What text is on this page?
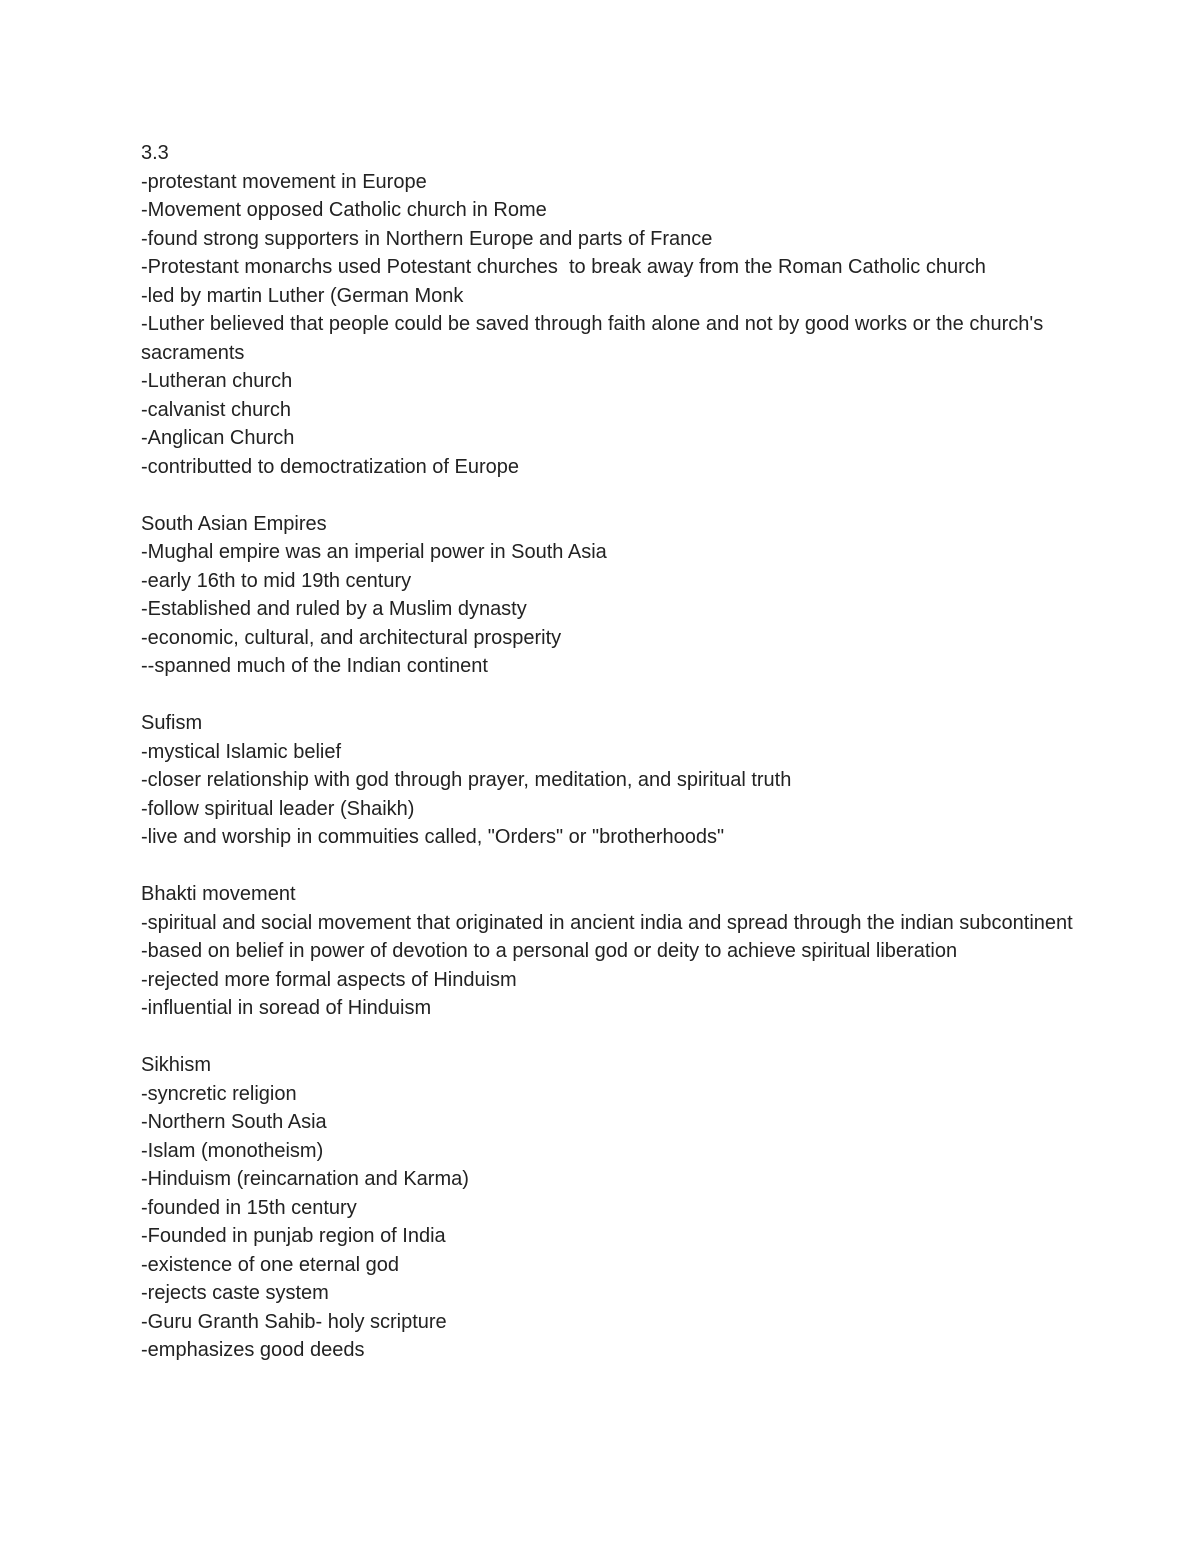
3.3
-protestant movement in Europe
-Movement opposed Catholic church in Rome
-found strong supporters in Northern Europe and parts of France
-Protestant monarchs used Potestant churches  to break away from the Roman Catholic church
-led by martin Luther (German Monk
-Luther believed that people could be saved through faith alone and not by good works or the church's sacraments
-Lutheran church
-calvanist church
-Anglican Church
-contributted to democtratization of Europe
South Asian Empires
-Mughal empire was an imperial power in South Asia
-early 16th to mid 19th century
-Established and ruled by a Muslim dynasty
-economic, cultural, and architectural prosperity
--spanned much of the Indian continent
Sufism
-mystical Islamic belief
-closer relationship with god through prayer, meditation, and spiritual truth
-follow spiritual leader (Shaikh)
-live and worship in commuities called, "Orders" or "brotherhoods"
Bhakti movement
-spiritual and social movement that originated in ancient india and spread through the indian subcontinent
-based on belief in power of devotion to a personal god or deity to achieve spiritual liberation
-rejected more formal aspects of Hinduism
-influential in soread of Hinduism
Sikhism
-syncretic religion
-Northern South Asia
-Islam (monotheism)
-Hinduism (reincarnation and Karma)
-founded in 15th century
-Founded in punjab region of India
-existence of one eternal god
-rejects caste system
-Guru Granth Sahib- holy scripture
-emphasizes good deeds
